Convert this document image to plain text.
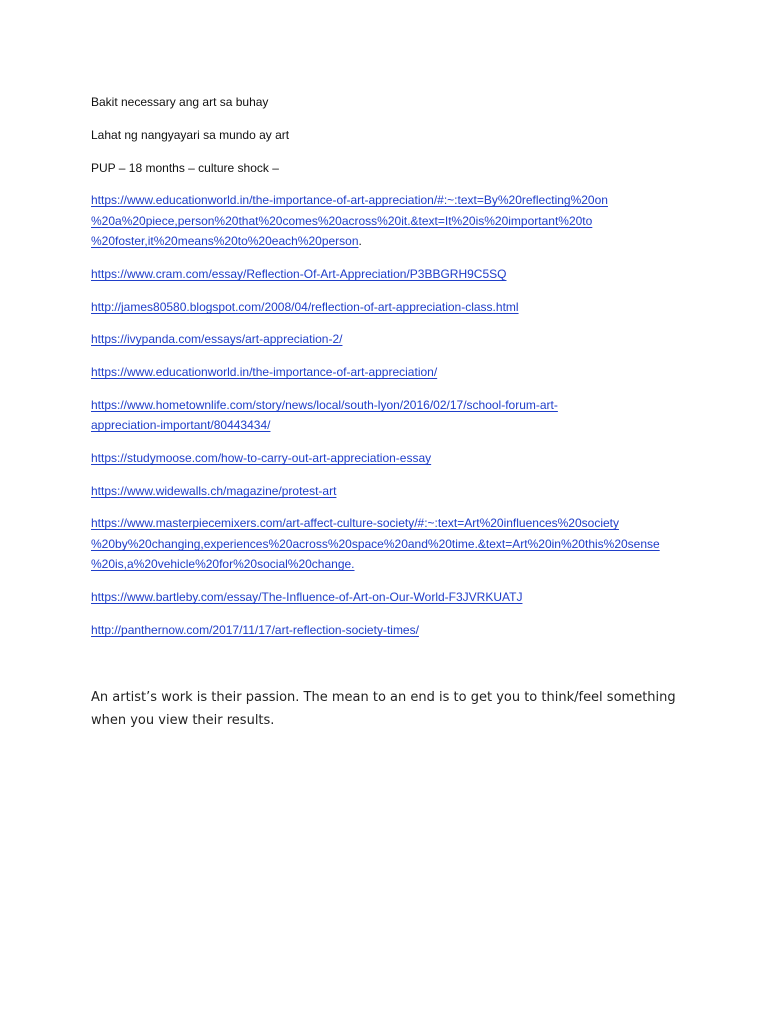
Bakit necessary ang art sa buhay

Lahat ng nangyayari sa mundo ay art

PUP – 18 months – culture shock –

https://www.educationworld.in/the-importance-of-art-appreciation/#:~:text=By%20reflecting%20on
%20a%20piece,person%20that%20comes%20across%20it.&text=It%20is%20important%20to

%20foster,it%20means%20to%20each%20person.

https://www.cram.com/essay/Reflection-Of-Art-Appreciation/P3BBGRH9C5SQ
http://james80580.blogspot.com/2008/04/reflection-of-art-appreciation-class.html
https://ivypanda.com/essays/art-appreciation-2/
https://www.educationworld.in/the-importance-of-art-appreciation/
https://www.hometownlife.com/story/news/local/south-lyon/2016/02/17/school-forum-art-
appreciation-important/80443434/
https://studymoose.com/how-to-carry-out-art-appreciation-essay
https://www.widewalls.ch/magazine/protest-art
https://www.masterpiecemixers.com/art-affect-culture-society/#:~:text=Art%20influences%20society
%20by%20changing,experiences%20across%20space%20and%20time.&text=Art%20in%20this%20sense
%20is,a%20vehicle%20for%20social%20change.
https://www.bartleby.com/essay/The-Influence-of-Art-on-Our-World-F3JVRKUATJ
http://panthernow.com/2017/11/17/art-reflection-society-times/

An artist’s work is their passion. The mean to an end is to get you to think/feel something

when you view their results.
